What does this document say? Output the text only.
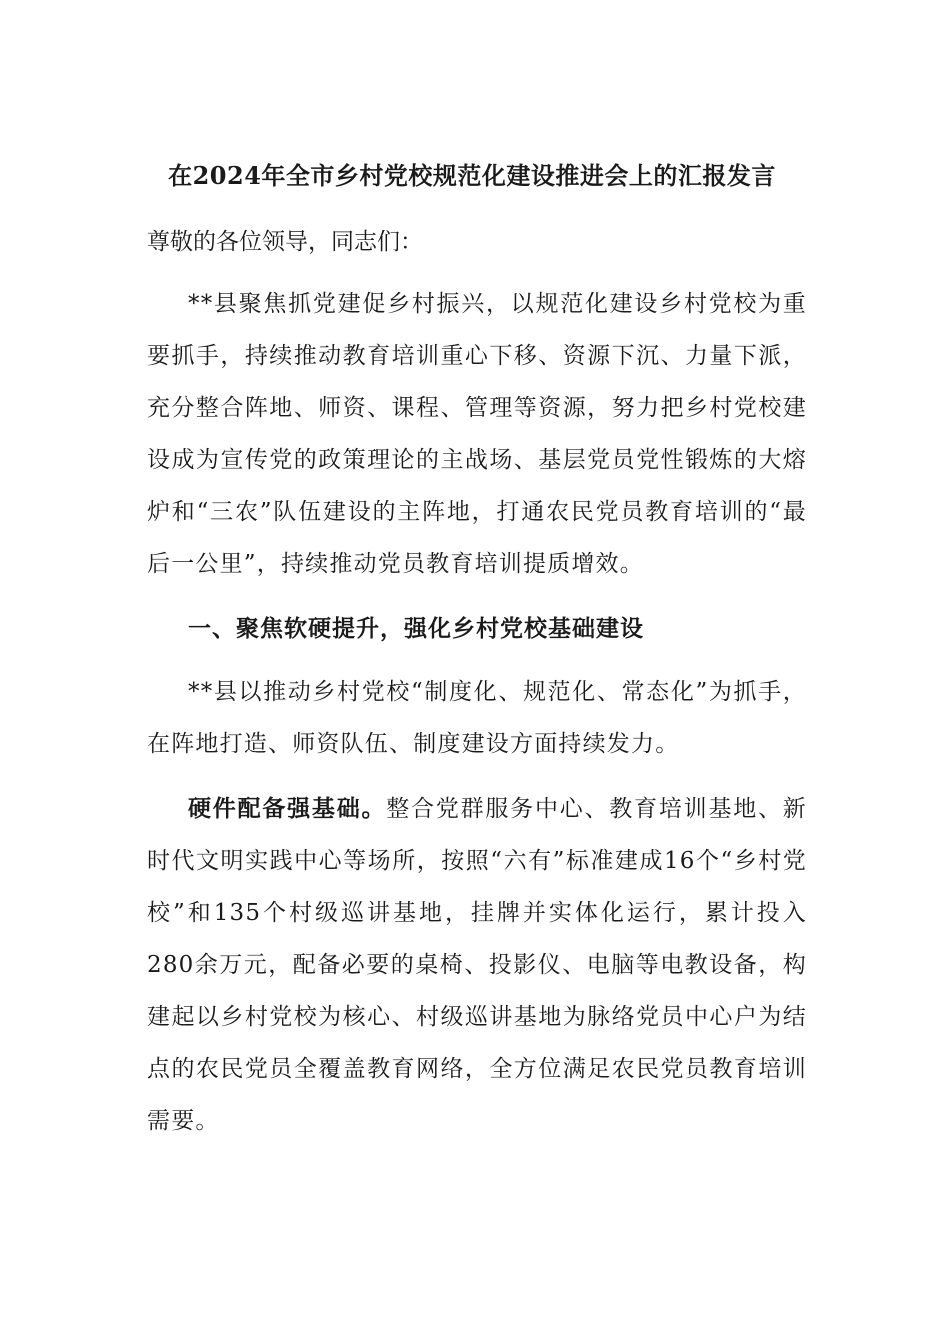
在2024年全市乡村党校规范化建设推进会上的汇报发言
尊敬的各位领导，同志们：
**县聚焦抓党建促乡村振兴，以规范化建设乡村党校为重要抓手，持续推动教育培训重心下移、资源下沉、力量下派，充分整合阵地、师资、课程、管理等资源，努力把乡村党校建设成为宣传党的政策理论的主战场、基层党员党性锻炼的大熔炉和“三农”队伍建设的主阵地，打通农民党员教育培训的“最后一公里”，持续推动党员教育培训提质增效。
一、聚焦软硬提升，强化乡村党校基础建设
**县以推动乡村党校“制度化、规范化、常态化”为抓手，在阵地打造、师资队伍、制度建设方面持续发力。
硬件配备强基础。整合党群服务中心、教育培训基地、新时代文明实践中心等场所，按照“六有”标准建成16个“乡村党校”和135个村级巡讲基地，挂牌并实体化运行，累计投入280余万元，配备必要的桌椅、投影仪、电脑等电教设备，构建起以乡村党校为核心、村级巡讲基地为脉络党员中心户为结点的农民党员全覆盖教育网络，全方位满足农民党员教育培训需要。
